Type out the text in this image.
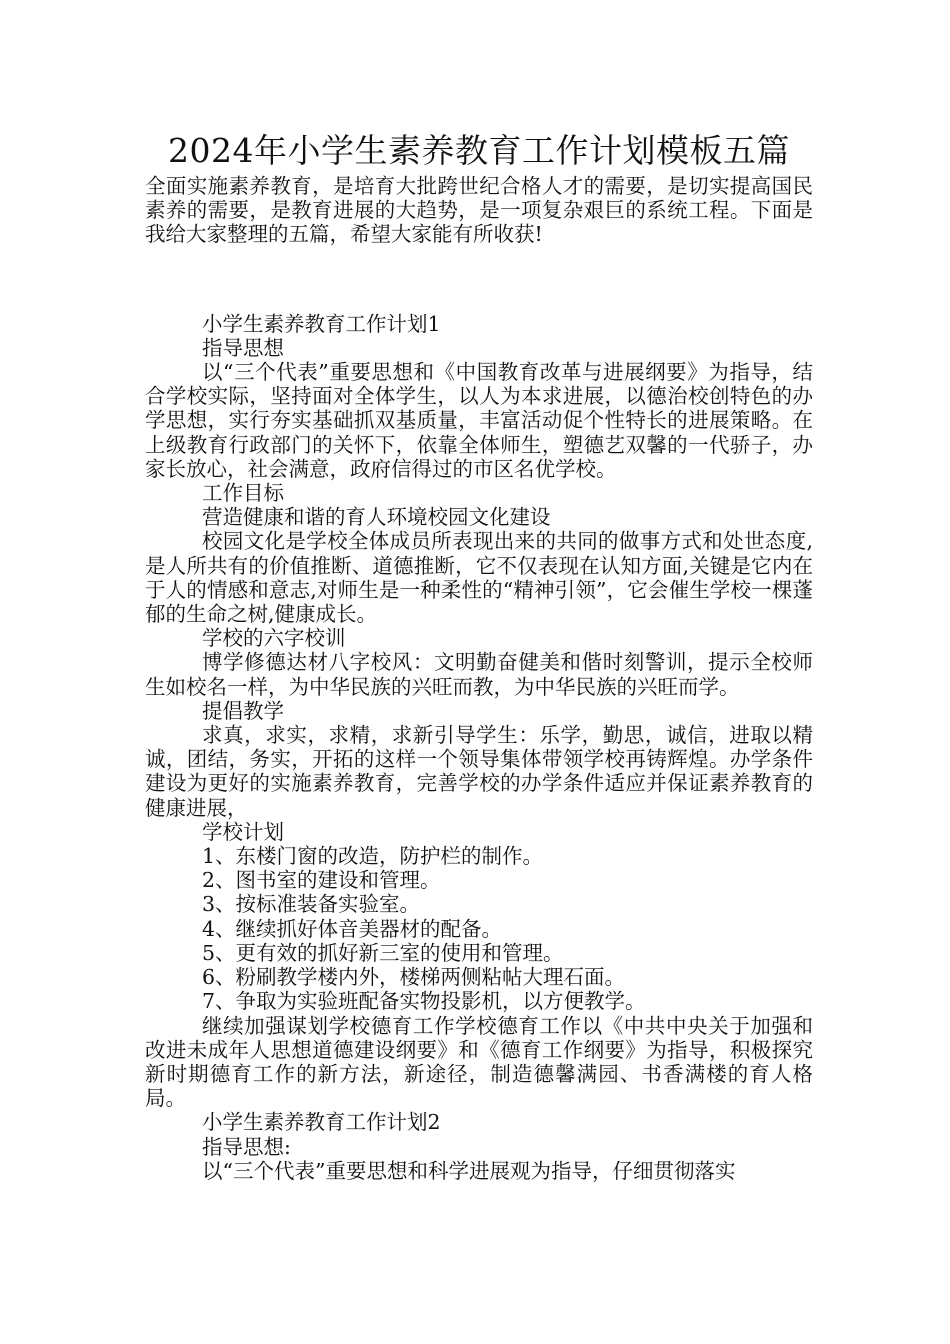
2024年小学生素养教育工作计划模板五篇

全面实施素养教育，是培育大批跨世纪合格人才的需要，是切实提高国民素养的需要，是教育进展的大趋势，是一项复杂艰巨的系统工程。下面是我给大家整理的五篇，希望大家能有所收获!

小学生素养教育工作计划1

指导思想

以“三个代表”重要思想和《中国教育改革与进展纲要》为指导，结合学校实际，坚持面对全体学生，以人为本求进展，以德治校创特色的办学思想，实行夯实基础抓双基质量，丰富活动促个性特长的进展策略。在上级教育行政部门的关怀下，依靠全体师生，塑德艺双馨的一代骄子，办家长放心，社会满意，政府信得过的市区名优学校。

工作目标

营造健康和谐的育人环境校园文化建设

校园文化是学校全体成员所表现出来的共同的做事方式和处世态度,是人所共有的价值推断、道德推断，它不仅表现在认知方面,关键是它内在于人的情感和意志,对师生是一种柔性的“精神引领”，它会催生学校一棵蓬郁的生命之树,健康成长。

学校的六字校训

博学修德达材八字校风：文明勤奋健美和偕时刻警训，提示全校师生如校名一样，为中华民族的兴旺而教，为中华民族的兴旺而学。

提倡教学

求真，求实，求精，求新引导学生：乐学，勤思，诚信，进取以精诚，团结，务实，开拓的这样一个领导集体带领学校再铸辉煌。办学条件建设为更好的实施素养教育，完善学校的办学条件适应并保证素养教育的健康进展，

学校计划

1、东楼门窗的改造，防护栏的制作。

2、图书室的建设和管理。

3、按标准装备实验室。

4、继续抓好体音美器材的配备。

5、更有效的抓好新三室的使用和管理。

6、粉刷教学楼内外，楼梯两侧粘帖大理石面。

7、争取为实验班配备实物投影机，以方便教学。

继续加强谋划学校德育工作学校德育工作以《中共中央关于加强和改进未成年人思想道德建设纲要》和《德育工作纲要》为指导，积极探究新时期德育工作的新方法，新途径，制造德馨满园、书香满楼的育人格局。

小学生素养教育工作计划2

指导思想:

以“三个代表”重要思想和科学进展观为指导，仔细贯彻落实
